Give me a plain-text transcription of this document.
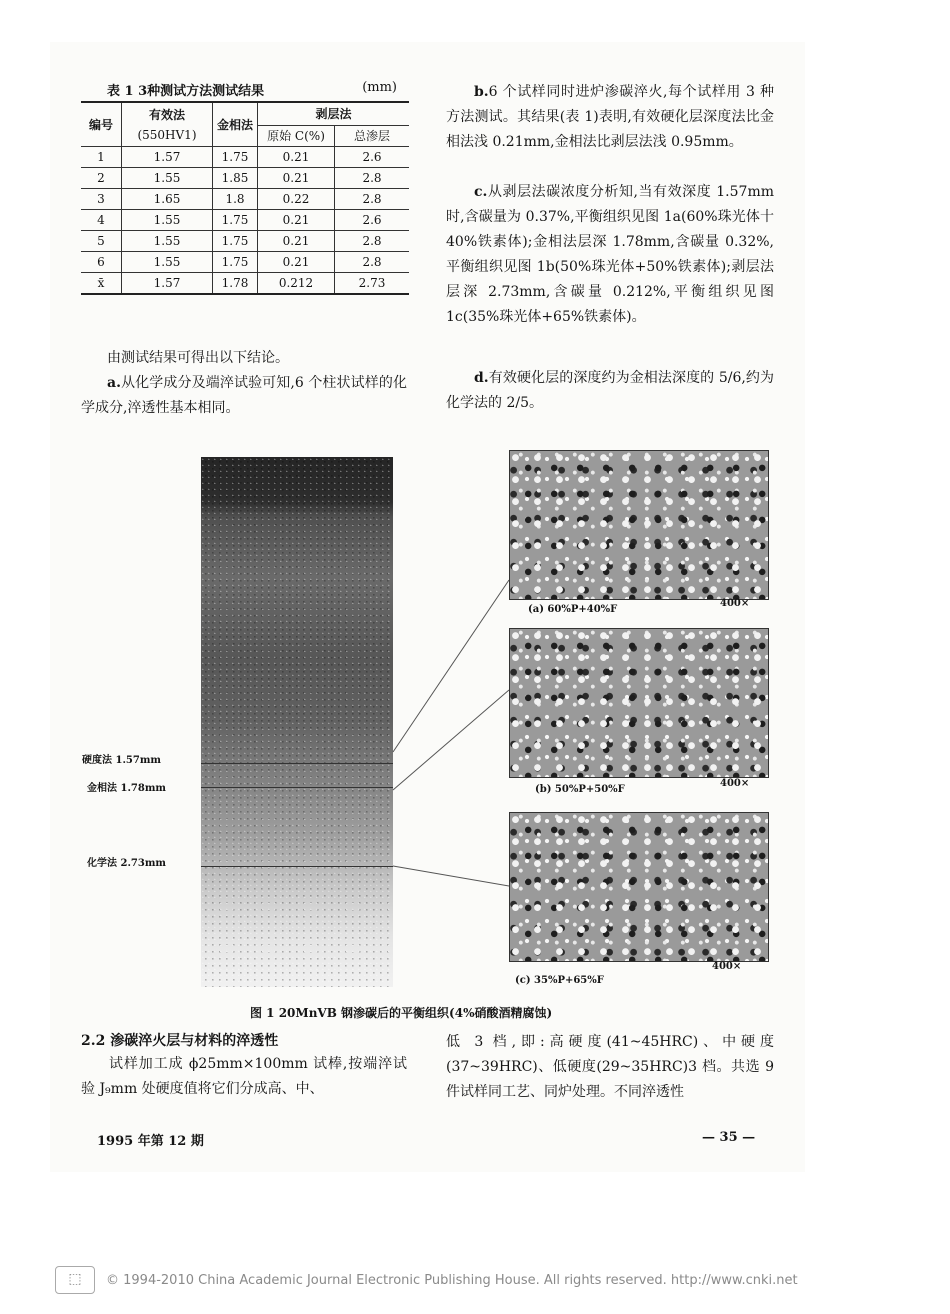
表 1 3种测试方法测试结果	(mm)
编号	有效法	金相法	剥层法	
	(550HV1)		原始 C(%)	总渗层
1	1.57	1.75	0.21	2.6
2	1.55	1.85	0.21	2.8
3	1.65	1.8	0.22	2.8
4	1.55	1.75	0.21	2.6
5	1.55	1.75	0.21	2.8
6	1.55	1.75	0.21	2.8
x̄	1.57	1.78	0.212	2.73
由测试结果可得出以下结论。
a.从化学成分及端淬试验可知,6 个柱状试样的化学成分,淬透性基本相同。
b.6 个试样同时进炉渗碳淬火,每个试样用 3 种方法测试。其结果(表 1)表明,有效硬化层深度法比金相法浅 0.21mm,金相法比剥层法浅 0.95mm。
c.从剥层法碳浓度分析知,当有效深度 1.57mm 时,含碳量为 0.37%,平衡组织见图 1a(60%珠光体十 40%铁素体);金相法层深 1.78mm,含碳量 0.32%,平衡组织见图 1b(50%珠光体+50%铁素体);剥层法层深 2.73mm,含碳量 0.212%,平衡组织见图 1c(35%珠光体+65%铁素体)。
d.有效硬化层的深度约为金相法深度的 5/6,约为化学法的 2/5。
硬度法 1.57mm
金相法 1.78mm
化学法 2.73mm
(a) 60%P+40%F
400×
(b) 50%P+50%F
400×
(c) 35%P+65%F
400×
图 1 20MnVB 钢渗碳后的平衡组织(4%硝酸酒精腐蚀)
2.2 渗碳淬火层与材料的淬透性
试样加工成 ϕ25mm×100mm 试棒,按端淬试验 J₉mm 处硬度值将它们分成高、中、
低 3 档,即:高硬度(41~45HRC)、中硬度(37~39HRC)、低硬度(29~35HRC)3 档。共选 9 件试样同工艺、同炉处理。不同淬透性
1995 年第 12 期	— 35 —
⬚	© 1994-2010 China Academic Journal Electronic Publishing House. All rights reserved. http://www.cnki.net
